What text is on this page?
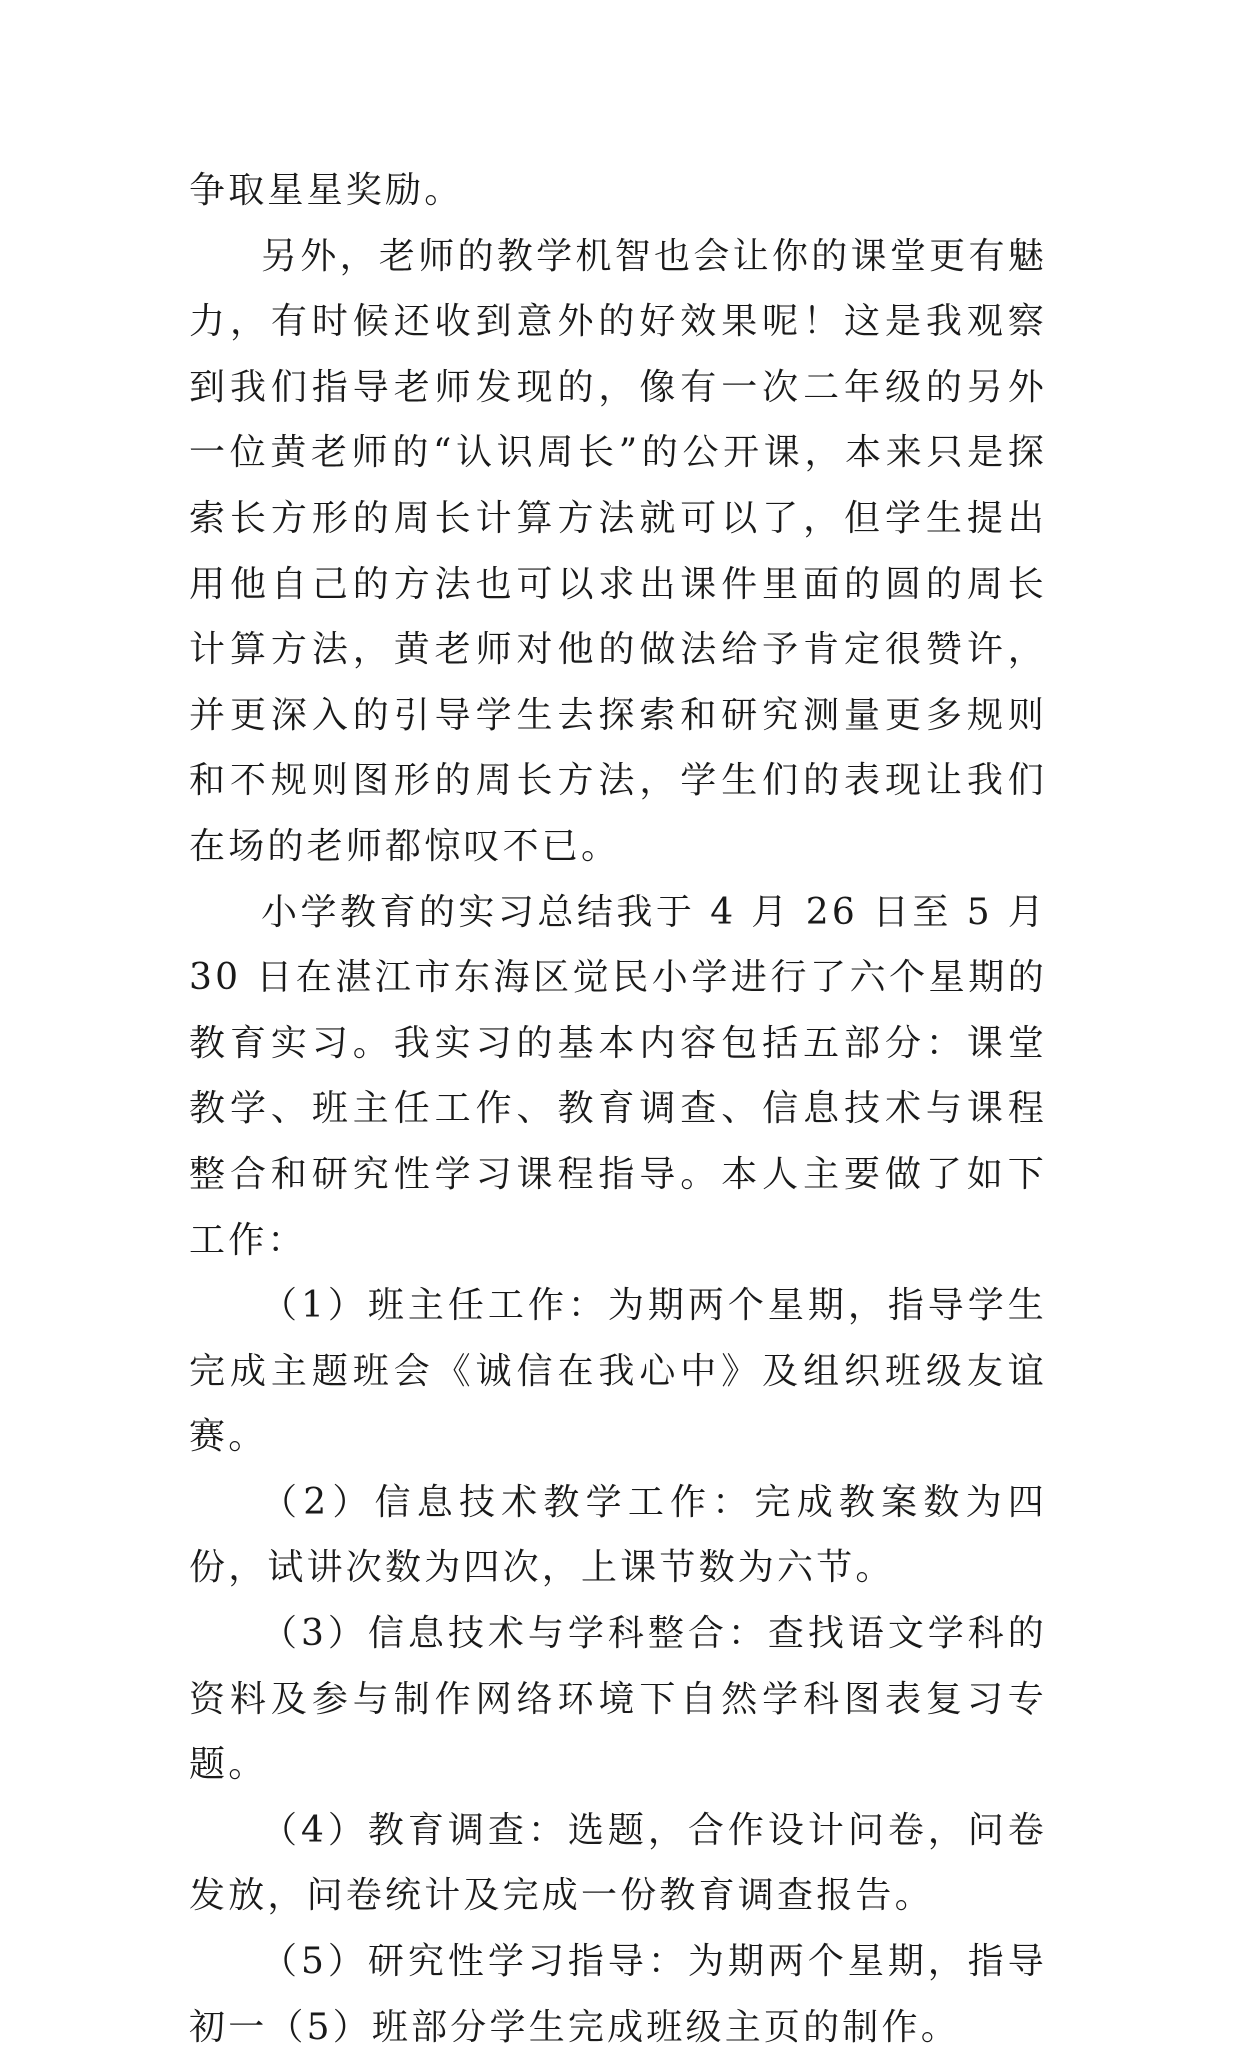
争取星星奖励。

另外，老师的教学机智也会让你的课堂更有魅力，有时候还收到意外的好效果呢！这是我观察到我们指导老师发现的，像有一次二年级的另外一位黄老师的“认识周长”的公开课，本来只是探索长方形的周长计算方法就可以了，但学生提出用他自己的方法也可以求出课件里面的圆的周长计算方法，黄老师对他的做法给予肯定很赞许，并更深入的引导学生去探索和研究测量更多规则和不规则图形的周长方法，学生们的表现让我们在场的老师都惊叹不已。

小学教育的实习总结我于 4 月 26 日至 5 月 30 日在湛江市东海区觉民小学进行了六个星期的教育实习。我实习的基本内容包括五部分：课堂教学、班主任工作、教育调查、信息技术与课程整合和研究性学习课程指导。本人主要做了如下工作：

（1）班主任工作：为期两个星期，指导学生完成主题班会《诚信在我心中》及组织班级友谊赛。

（2）信息技术教学工作：完成教案数为四份，试讲次数为四次，上课节数为六节。

（3）信息技术与学科整合：查找语文学科的资料及参与制作网络环境下自然学科图表复习专题。

（4）教育调查：选题，合作设计问卷，问卷发放，问卷统计及完成一份教育调查报告。

（5）研究性学习指导：为期两个星期，指导初一（5）班部分学生完成班级主页的制作。
